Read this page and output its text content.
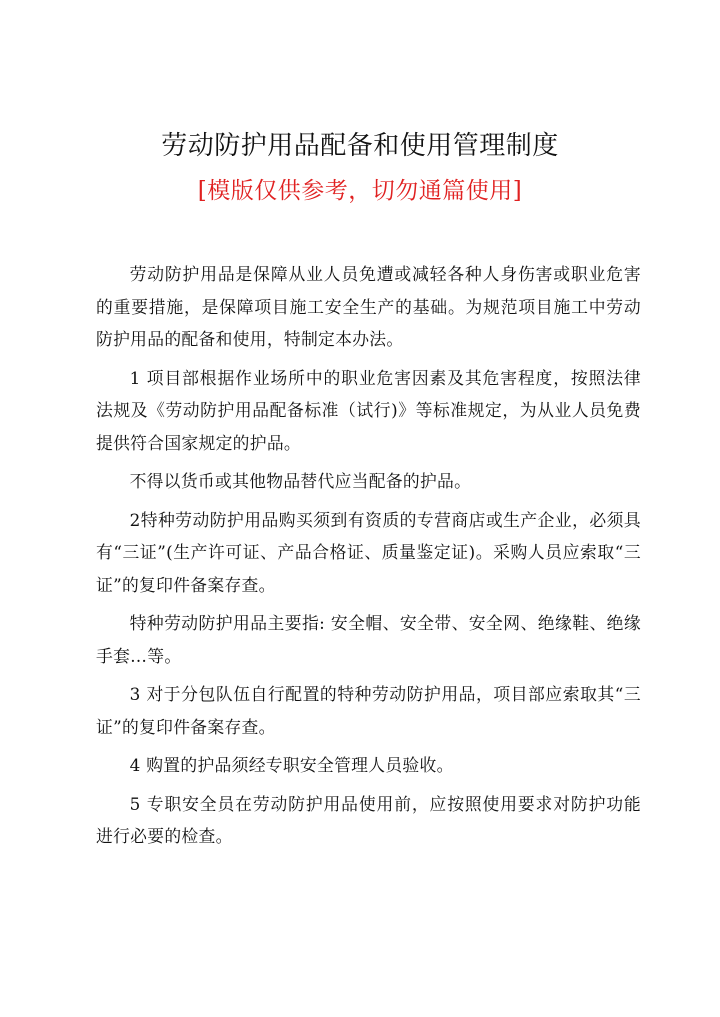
劳动防护用品配备和使用管理制度
[模版仅供参考，切勿通篇使用]

劳动防护用品是保障从业人员免遭或减轻各种人身伤害或职业危害的重要措施，是保障项目施工安全生产的基础。为规范项目施工中劳动防护用品的配备和使用，特制定本办法。

1 项目部根据作业场所中的职业危害因素及其危害程度，按照法律法规及《劳动防护用品配备标准（试行)》等标准规定，为从业人员免费提供符合国家规定的护品。

不得以货币或其他物品替代应当配备的护品。

2特种劳动防护用品购买须到有资质的专营商店或生产企业，必须具有“三证”(生产许可证、产品合格证、质量鉴定证)。采购人员应索取“三证”的复印件备案存查。

特种劳动防护用品主要指: 安全帽、安全带、安全网、绝缘鞋、绝缘手套…等。

3 对于分包队伍自行配置的特种劳动防护用品，项目部应索取其“三证”的复印件备案存查。

4 购置的护品须经专职安全管理人员验收。

5 专职安全员在劳动防护用品使用前，应按照使用要求对防护功能进行必要的检查。
